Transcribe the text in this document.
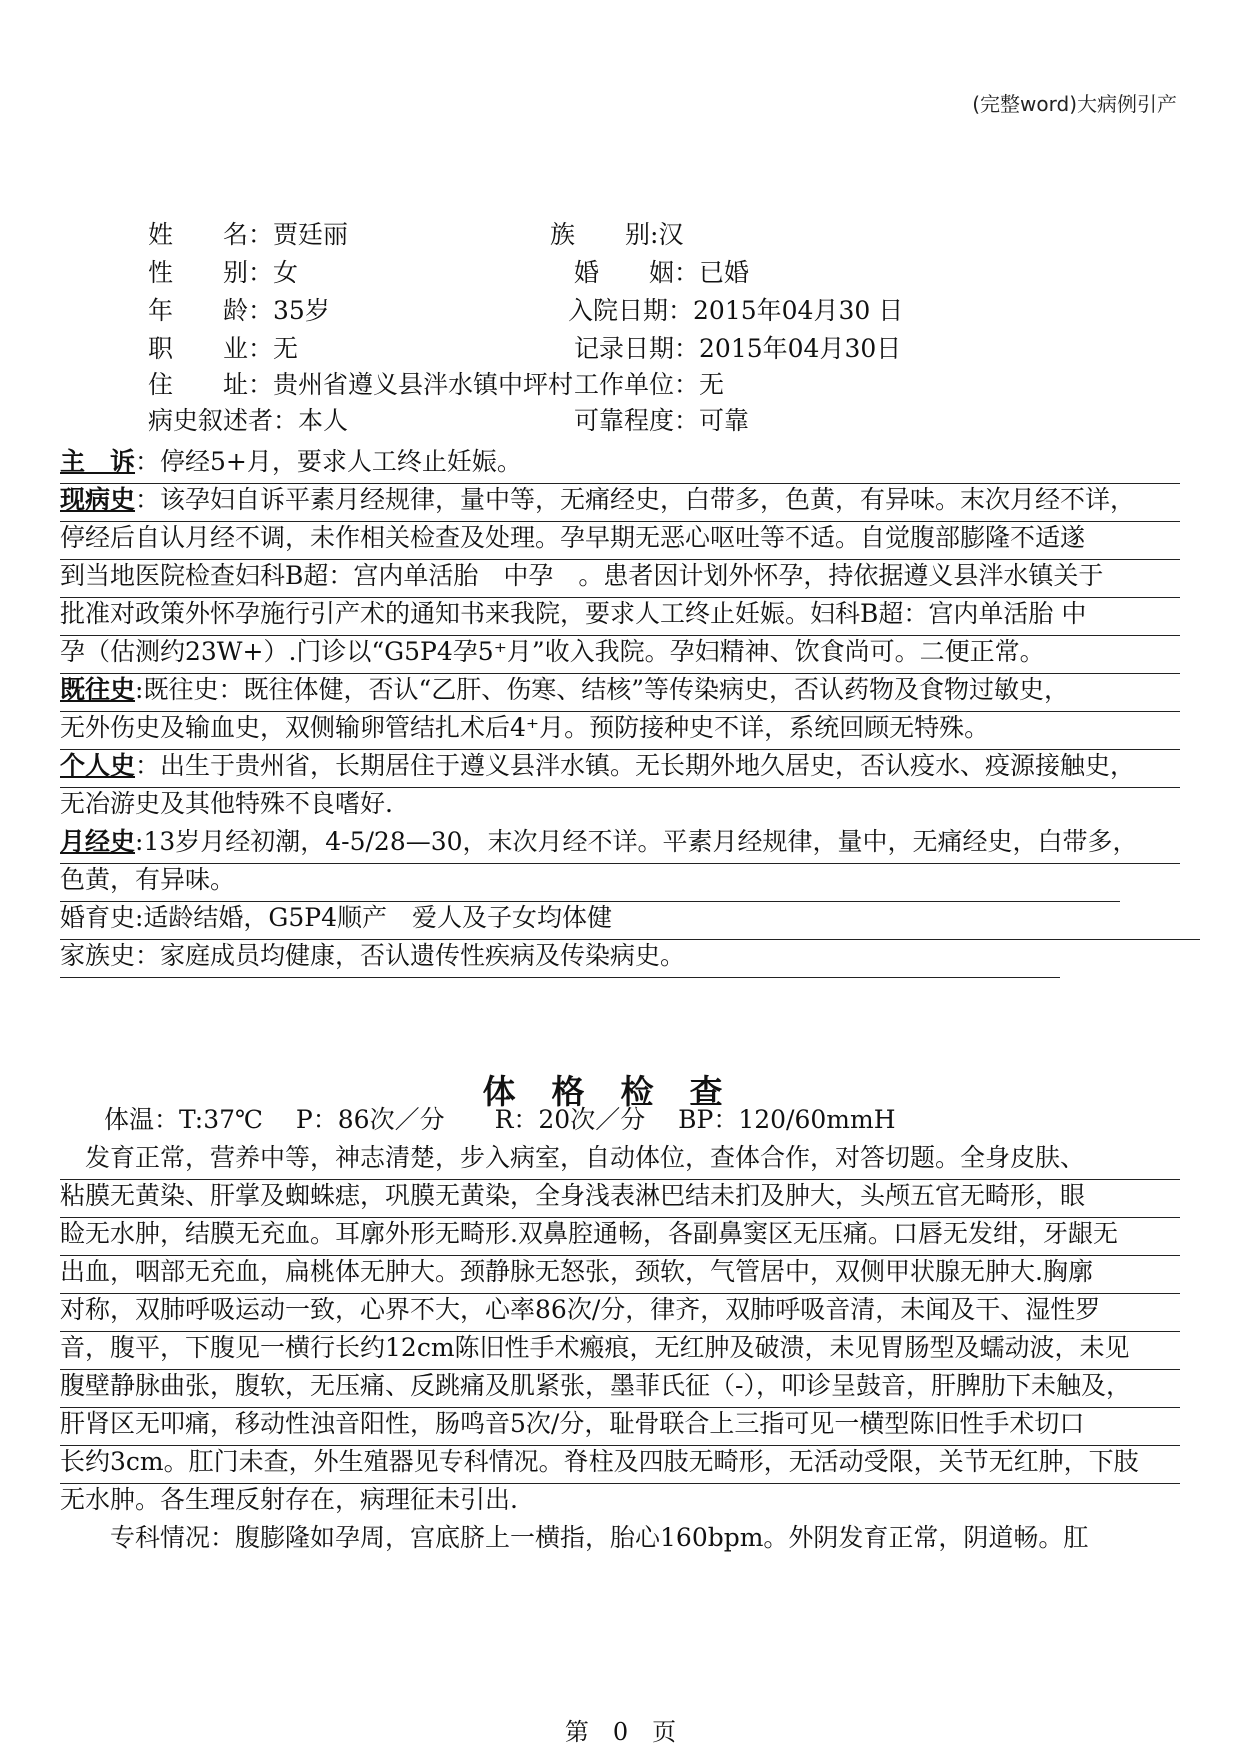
(完整word)大病例引产
姓　　名：贾廷丽	族　　别:汉
性　　别：女	婚　　姻：已婚
年　　龄：35岁	入院日期：2015年04月30 日
职　　业：无	记录日期：2015年04月30日
住　　址：贵州省遵义县泮水镇中坪村 工作单位：无
病史叙述者：本人	可靠程度：可靠
主　诉：停经5+月，要求人工终止妊娠。
现病史：该孕妇自诉平素月经规律，量中等，无痛经史，白带多，色黄，有异味。末次月经不详，
停经后自认月经不调，未作相关检查及处理。孕早期无恶心呕吐等不适。自觉腹部膨隆不适遂
到当地医院检查妇科B超：宫内单活胎　中孕　。患者因计划外怀孕，持依据遵义县泮水镇关于
批准对政策外怀孕施行引产术的通知书来我院，要求人工终止妊娠。妇科B超：宫内单活胎 中
孕（估测约23W+）.门诊以“G5P4孕5⁺月”收入我院。孕妇精神、饮食尚可。二便正常。
既往史:既往史：既往体健，否认“乙肝、伤寒、结核”等传染病史，否认药物及食物过敏史，
无外伤史及输血史，双侧输卵管结扎术后4⁺月。预防接种史不详，系统回顾无特殊。
个人史：出生于贵州省，长期居住于遵义县泮水镇。无长期外地久居史，否认疫水、疫源接触史，
无冶游史及其他特殊不良嗜好.
月经史:13岁月经初潮，4-5/28—30，末次月经不详。平素月经规律，量中，无痛经史，白带多，
色黄，有异味。
婚育史:适龄结婚，G5P4顺产　爱人及子女均体健
家族史：家庭成员均健康，否认遗传性疾病及传染病史。
体格检查
体温：T:37℃　 P：86次／分　　R：20次／分　 BP：120/60mmH
　发育正常，营养中等，神志清楚，步入病室，自动体位，查体合作，对答切题。全身皮肤、
粘膜无黄染、肝掌及蜘蛛痣，巩膜无黄染，全身浅表淋巴结未扪及肿大，头颅五官无畸形，眼
睑无水肿，结膜无充血。耳廓外形无畸形.双鼻腔通畅，各副鼻窦区无压痛。口唇无发绀，牙龈无
出血，咽部无充血，扁桃体无肿大。颈静脉无怒张，颈软，气管居中，双侧甲状腺无肿大.胸廓
对称，双肺呼吸运动一致，心界不大，心率86次/分，律齐，双肺呼吸音清，未闻及干、湿性罗
音，腹平，下腹见一横行长约12cm陈旧性手术瘢痕，无红肿及破溃，未见胃肠型及蠕动波，未见
腹壁静脉曲张，腹软，无压痛、反跳痛及肌紧张，墨菲氏征（-），叩诊呈鼓音，肝脾肋下未触及，
肝肾区无叩痛，移动性浊音阳性，肠鸣音5次/分，耻骨联合上三指可见一横型陈旧性手术切口
长约3cm。肛门未查，外生殖器见专科情况。脊柱及四肢无畸形，无活动受限，关节无红肿，下肢
无水肿。各生理反射存在，病理征未引出.
　　专科情况：腹膨隆如孕周，宫底脐上一横指，胎心160bpm。外阴发育正常，阴道畅。肛
第　0　页
